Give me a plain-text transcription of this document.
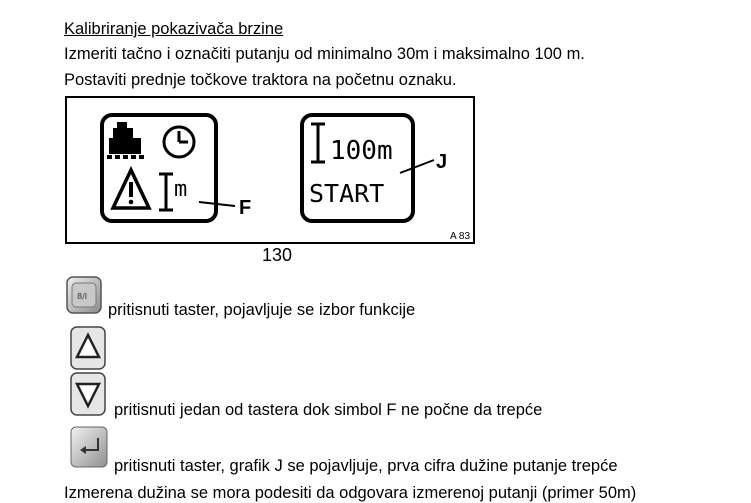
Kalibriranje pokazivača brzine
Izmeriti tačno i označiti putanju od minimalno 30m i maksimalno 100 m.
Postaviti prednje točkove traktora na početnu oznaku.
m
F
100m
START
J
A 83
130
8/I
pritisnuti taster, pojavljuje se izbor funkcije
pritisnuti jedan od tastera dok simbol F ne počne da trepće
pritisnuti taster, grafik J se pojavljuje, prva cifra dužine putanje trepće
Izmerena dužina se mora podesiti da odgovara izmerenoj putanji (primer 50m)
